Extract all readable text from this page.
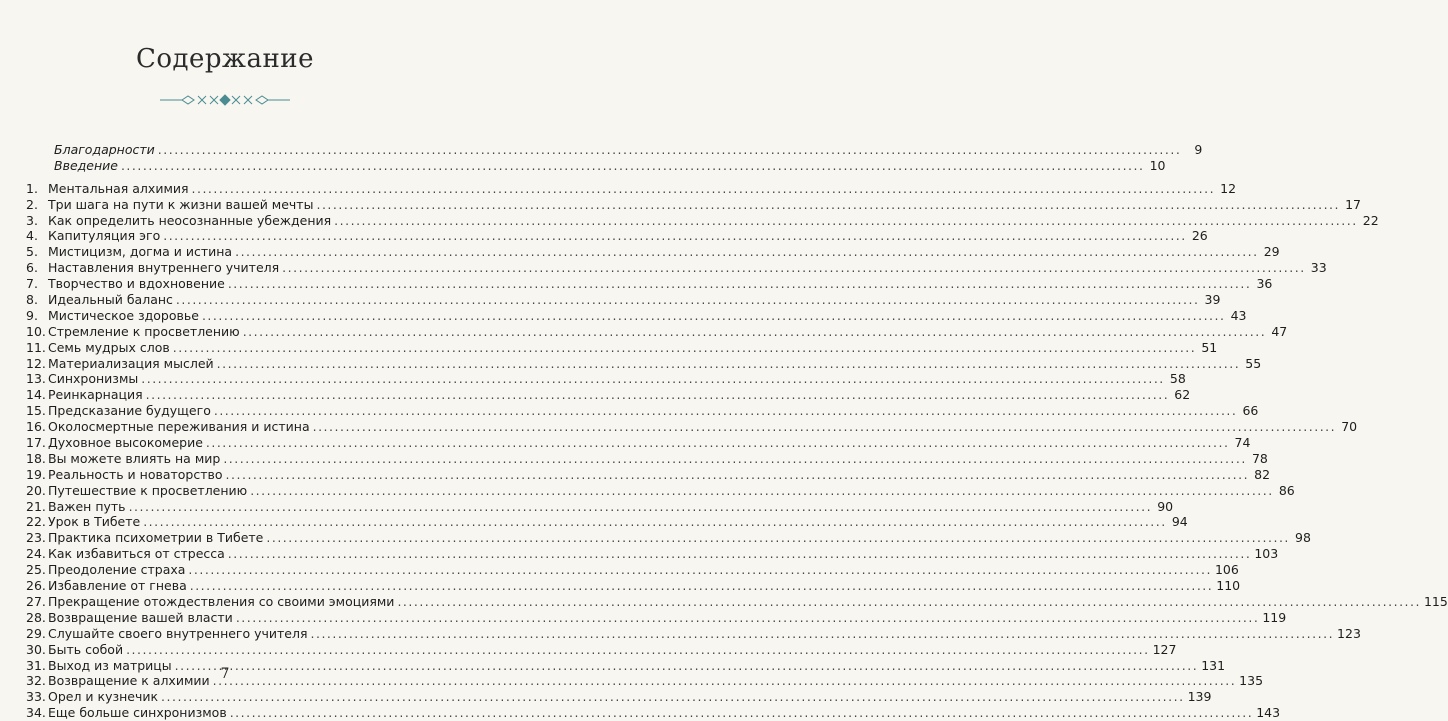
Содержание
Благодарности .....	9
Введение .....	10
1. Ментальная алхимия .....	12
2. Три шага на пути к жизни вашей мечты .....	17
3. Как определить неосознанные убеждения .....	22
4. Капитуляция эго .....	26
5. Мистицизм, догма и истина .....	29
6. Наставления внутреннего учителя .....	33
7. Творчество и вдохновение .....	36
8. Идеальный баланс .....	39
9. Мистическое здоровье .....	43
10. Стремление к просветлению .....	47
11. Семь мудрых слов .....	51
12. Материализация мыслей .....	55
13. Синхронизмы .....	58
14. Реинкарнация .....	62
15. Предсказание будущего .....	66
16. Околосмертные переживания и истина .....	70
17. Духовное высокомерие .....	74
18. Вы можете влиять на мир .....	78
19. Реальность и новаторство .....	82
20. Путешествие к просветлению .....	86
21. Важен путь .....	90
22. Урок в Тибете .....	94
23. Практика психометрии в Тибете .....	98
24. Как избавиться от стресса .....	103
25. Преодоление страха .....	106
26. Избавление от гнева .....	110
27. Прекращение отождествления со своими эмоциями .....	115
28. Возвращение вашей власти .....	119
29. Слушайте своего внутреннего учителя .....	123
30. Быть собой .....	127
31. Выход из матрицы .....	131
32. Возвращение к алхимии .....	135
33. Орел и кузнечик .....	139
34. Еще больше синхронизмов .....	143
7
